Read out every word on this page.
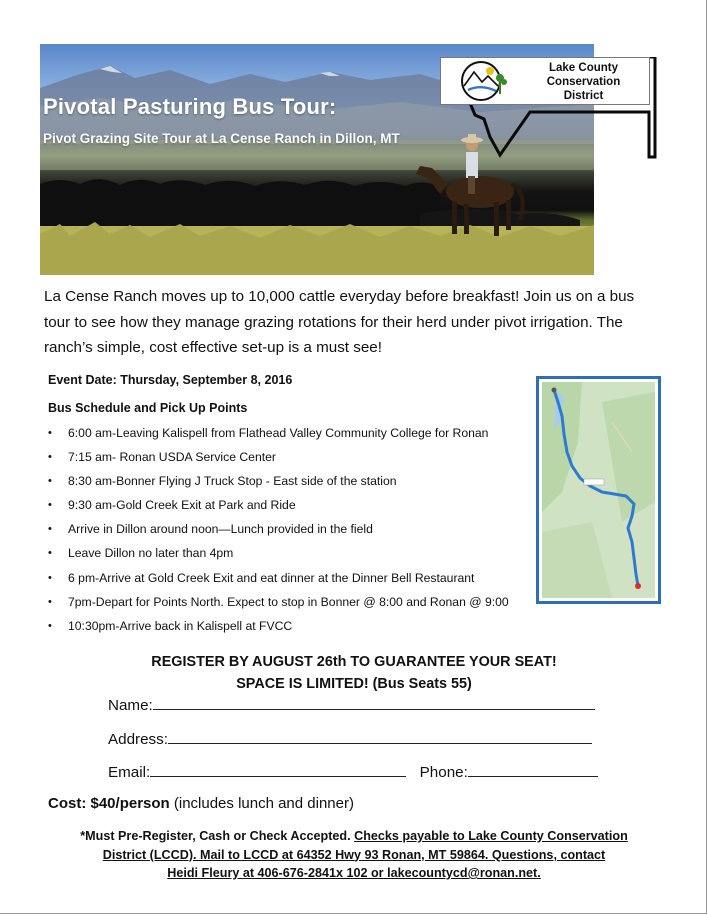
Pivotal Pasturing Bus Tour:

Pivot Grazing Site Tour at La Cense Ranch in Dillon, MT

Lake County
Conservation
District

La Cense Ranch moves up to 10,000 cattle everyday before breakfast! Join us on a bus tour to see how they manage grazing rotations for their herd under pivot irrigation. The ranch’s simple, cost effective set-up is a must see!

Event Date: Thursday, September 8, 2016

Bus Schedule and Pick Up Points

• 6:00 am-Leaving Kalispell from Flathead Valley Community College for Ronan
• 7:15 am- Ronan USDA Service Center
• 8:30 am-Bonner Flying J Truck Stop - East side of the station
• 9:30 am-Gold Creek Exit at Park and Ride
• Arrive in Dillon around noon—Lunch provided in the field
• Leave Dillon no later than 4pm
• 6 pm-Arrive at Gold Creek Exit and eat dinner at the Dinner Bell Restaurant
• 7pm-Depart for Points North. Expect to stop in Bonner @ 8:00 and Ronan @ 9:00
• 10:30pm-Arrive back in Kalispell at FVCC

REGISTER BY AUGUST 26th TO GUARANTEE YOUR SEAT!

SPACE IS LIMITED! (Bus Seats 55)

Name:
Address:
Email:	Phone:

Cost: $40/person (includes lunch and dinner)

*Must Pre-Register, Cash or Check Accepted. Checks payable to Lake County Conservation

District (LCCD). Mail to LCCD at 64352 Hwy 93 Ronan, MT 59864. Questions, contact

Heidi Fleury at 406-676-2841x 102 or lakecountycd@ronan.net.
